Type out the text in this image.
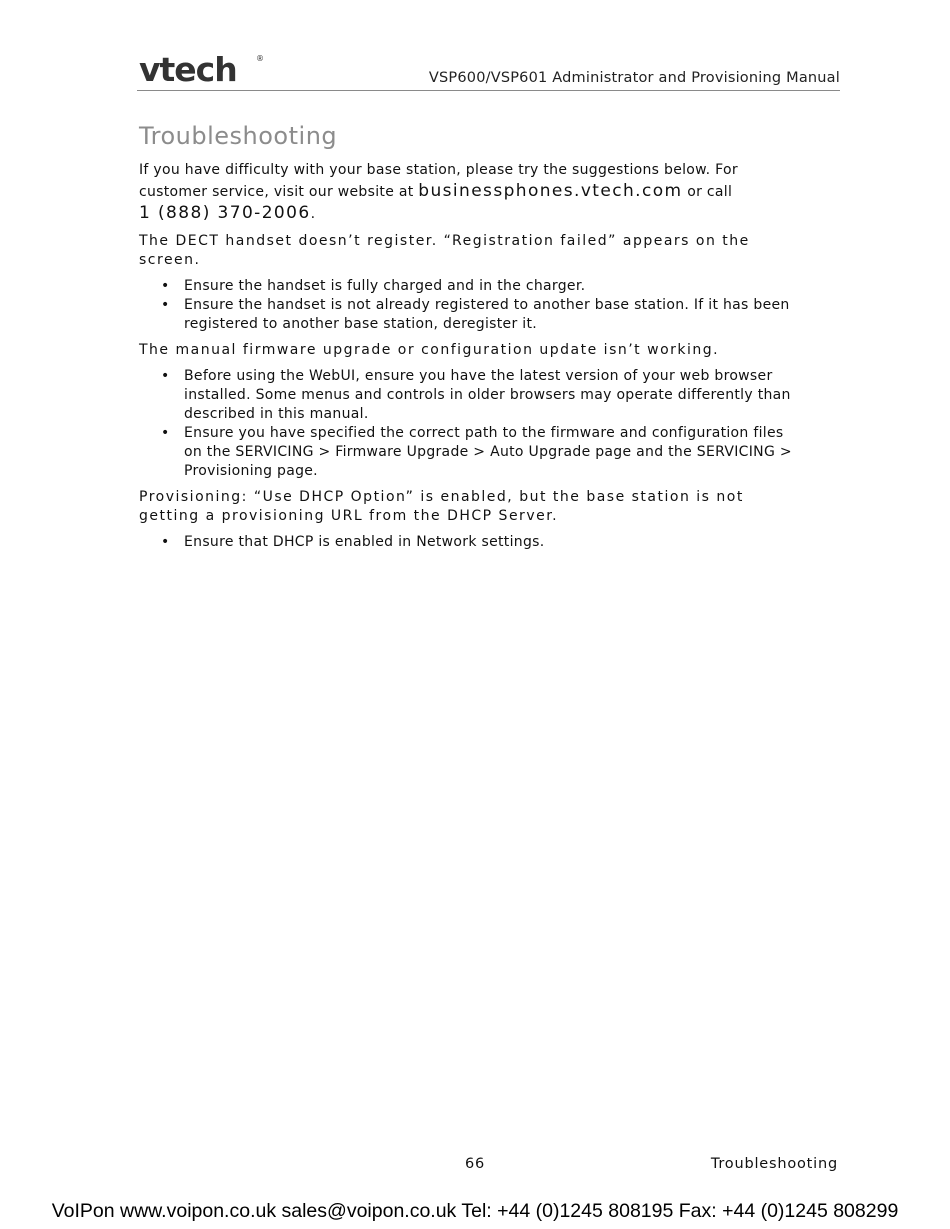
vtech ®
VSP600/VSP601 Administrator and Provisioning Manual
Troubleshooting

If you have difficulty with your base station, please try the suggestions below. For
customer service, visit our website at businessphones.vtech.com or call
1 (888) 370-2006.

The DECT handset doesn’t register. “Registration failed” appears on the screen.

• Ensure the handset is fully charged and in the charger.
• Ensure the handset is not already registered to another base station. If it has been registered to another base station, deregister it.

The manual firmware upgrade or configuration update isn’t working.

• Before using the WebUI, ensure you have the latest version of your web browser installed. Some menus and controls in older browsers may operate differently than described in this manual.
• Ensure you have specified the correct path to the firmware and configuration files on the SERVICING > Firmware Upgrade > Auto Upgrade page and the SERVICING > Provisioning page.

Provisioning: “Use DHCP Option” is enabled, but the base station is not getting a provisioning URL from the DHCP Server.

• Ensure that DHCP is enabled in Network settings.
66	Troubleshooting
VoIPon www.voipon.co.uk sales@voipon.co.uk Tel: +44 (0)1245 808195 Fax: +44 (0)1245 808299
